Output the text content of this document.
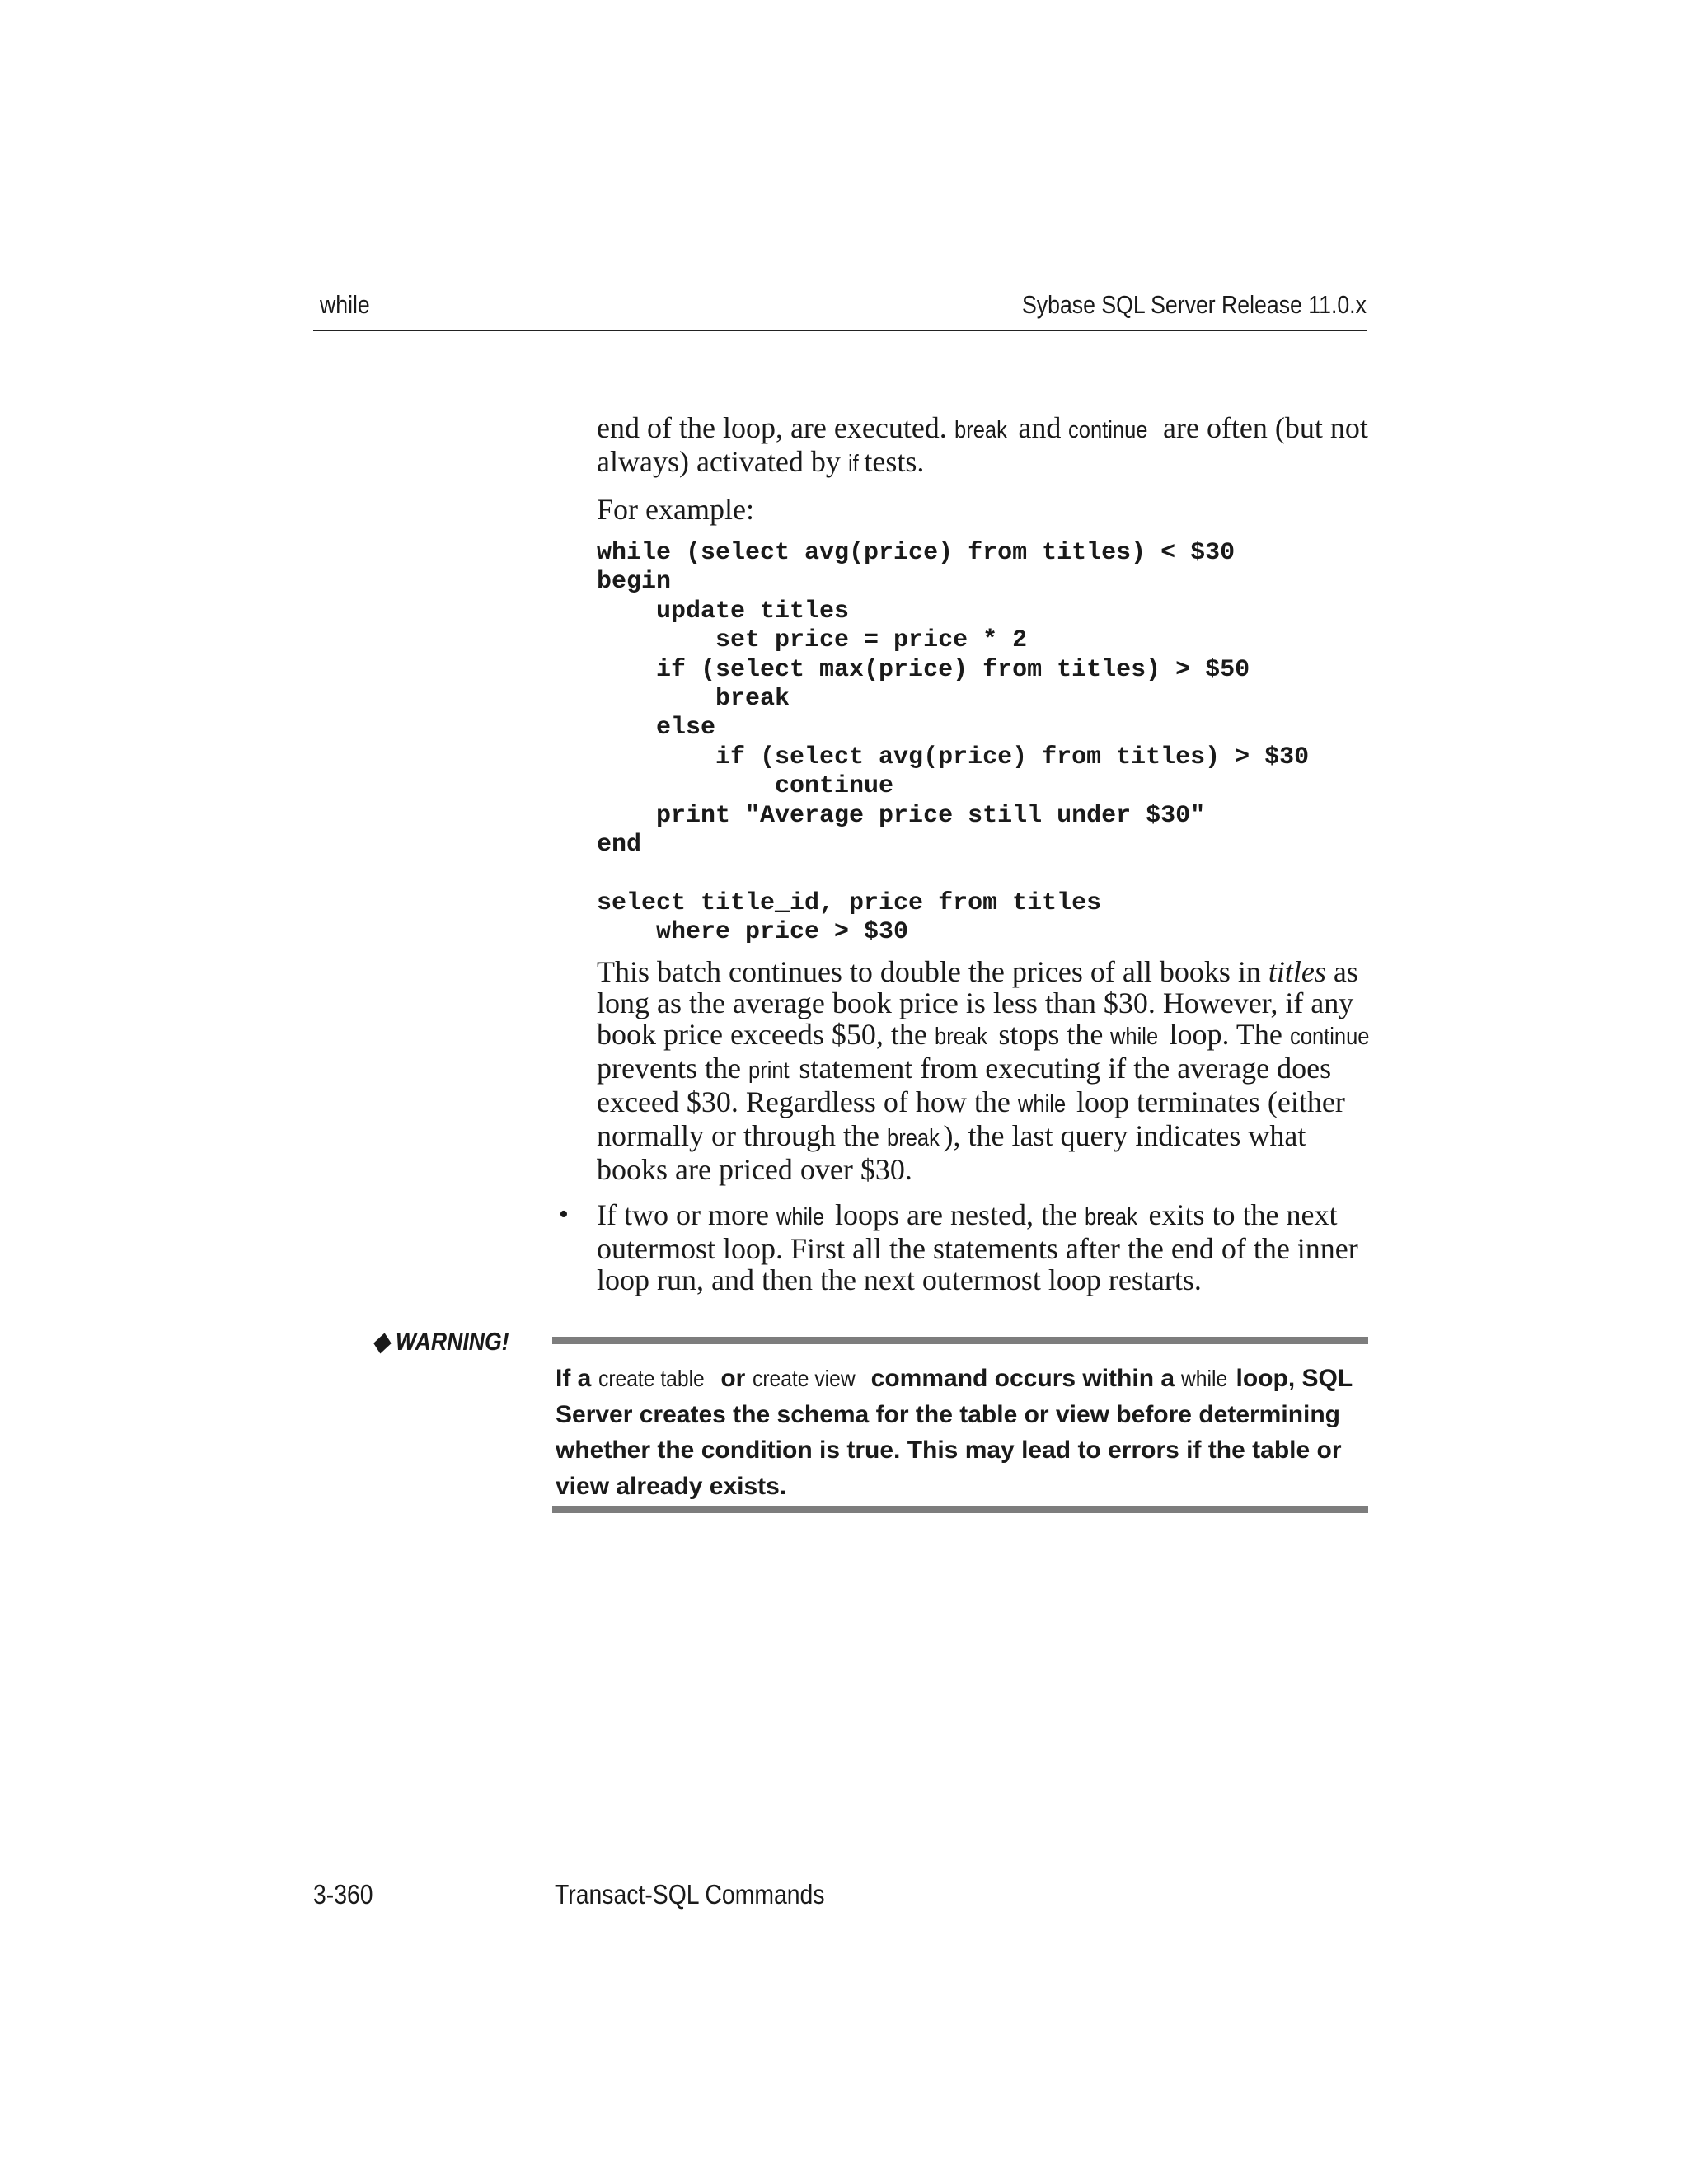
while	Sybase SQL Server Release 11.0.x

end of the loop, are executed. break and continue are often (but not always) activated by if tests.

For example:

while (select avg(price) from titles) < $30
begin
update titles
set price = price * 2
if (select max(price) from titles) > $50
break
else
if (select avg(price) from titles) > $30
continue
print "Average price still under $30"
end

select title_id, price from titles
where price > $30

This batch continues to double the prices of all books in titles as long as the average book price is less than $30. However, if any book price exceeds $50, the break stops the while loop. The continue prevents the print statement from executing if the average does exceed $30. Regardless of how the while loop terminates (either normally or through the break ), the last query indicates what books are priced over $30.

• If two or more while loops are nested, the break exits to the next outermost loop. First all the statements after the end of the inner loop run, and then the next outermost loop restarts.

◆ WARNING!
If a create table or create view command occurs within a while loop, SQL Server creates the schema for the table or view before determining whether the condition is true. This may lead to errors if the table or view already exists.
3-360	Transact-SQL Commands
